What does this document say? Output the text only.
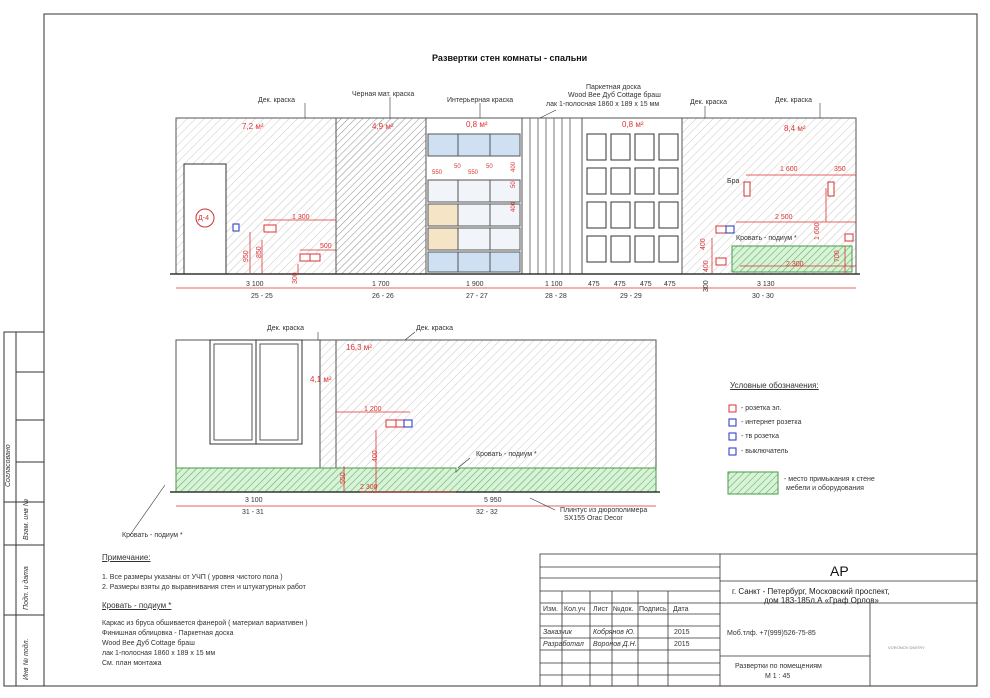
Развертки стен комнаты - спальни
Дек. краска
Черная мат. краска
Интерьерная краска
Паркетная доска
Wood Bee Дуб Cottage браш
лак 1-полосная 1860 х 189 х 15 мм	Дек. краска	Дек. краска
7,2 м²	4,9 м²	0,8 м²	0,8 м²	8,4 м²
Д-4
Бра
Кровать - подиум *
1 300
500
950 850
300
550
50
550
50	400
50
400
1 600	350
2 500
1 600
400
2 300
700
400
3 100	1 700	1 900	1 100	475 475 475 475	3 130
300
25 - 25	26 - 26	27 - 27	28 - 28	29 - 29	30 - 30
Дек. краска	Дек. краска
4,1 м²
16,3 м²
1 200
400
550
2 300
Кровать - подиум *
Кровать - подиум *
3 100	5 950
31 - 31	32 - 32	Плинтус из дюрополимера
SX155 Orac Decor
Условные обозначения:
- розетка эл.
- интернет розетка
- тв розетка
- выключатель
- место примыкания к стене
мебели и оборудования
Примечание:
1. Все размеры указаны от УЧП ( уровня чистого пола )
2. Размеры взяты до выравнивания стен и штукатурных работ
Кровать - подиум *
Каркас из бруса обшивается фанерой ( материал вариативен )
Финишная облицовка - Паркетная доска
Wood Bee Дуб Cottage браш
лак 1-полосная 1860 х 189 х 15 мм
См. план монтажа
Согласовано
Взам. инв №
Подп. и дата
Инв № подл.
АР
г. Санкт - Петербург, Московский проспект,
дом 183-185л.А «Граф Орлов»
Изм. Кол.уч Лист №док. Подпись Дата
Заказчик	Кобрянов Ю.	2015
Разработал Воронов Д.Н.	2015
Моб.тлф. +7(999)526-75-85
Развертки по помещениям
М 1 : 45
VORONOV DMITRY
